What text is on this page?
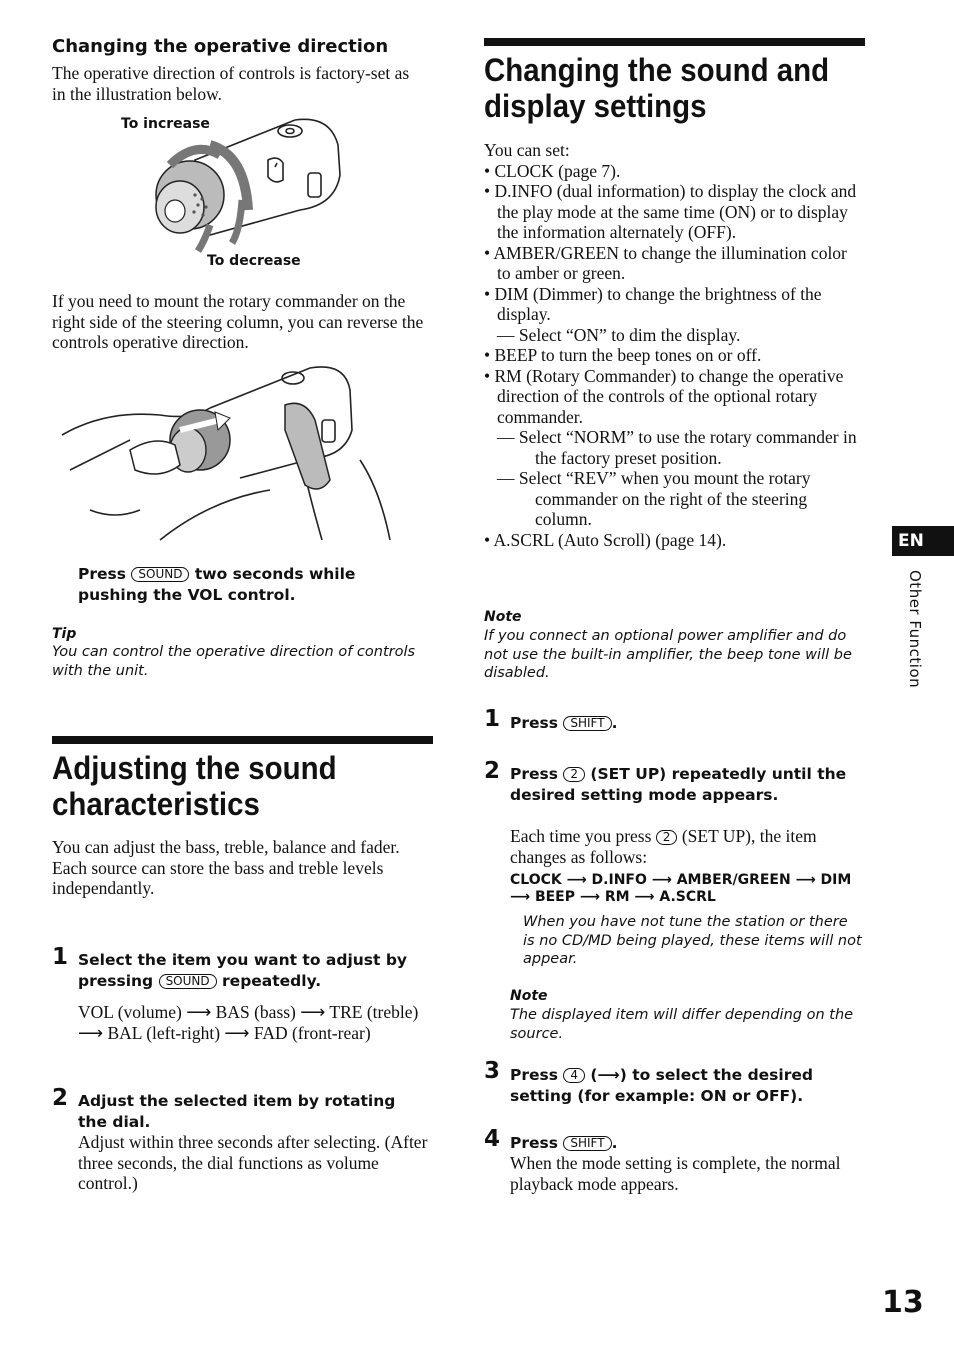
Changing the operative direction
The operative direction of controls is factory-set as in the illustration below.
To increase
To decrease
If you need to mount the rotary commander on the right side of the steering column, you can reverse the controls operative direction.
Press SOUND two seconds while pushing the VOL control.
Tip
You can control the operative direction of controls with the unit.
Adjusting the sound
characteristics
You can adjust the bass, treble, balance and fader.
Each source can store the bass and treble levels independantly.
1 Select the item you want to adjust by pressing SOUND repeatedly.
VOL (volume) ⟶ BAS (bass) ⟶ TRE (treble) ⟶ BAL (left-right) ⟶ FAD (front-rear)
2 Adjust the selected item by rotating the dial.
Adjust within three seconds after selecting. (After three seconds, the dial functions as volume control.)
Changing the sound and
display settings
You can set:
• CLOCK (page 7).
• D.INFO (dual information) to display the clock and the play mode at the same time (ON) or to display the information alternately (OFF).
• AMBER/GREEN to change the illumination color to amber or green.
• DIM (Dimmer) to change the brightness of the display.
— Select “ON” to dim the display.
• BEEP to turn the beep tones on or off.
• RM (Rotary Commander) to change the operative direction of the controls of the optional rotary commander.
— Select “NORM” to use the rotary commander in the factory preset position.
— Select “REV” when you mount the rotary commander on the right of the steering column.
• A.SCRL (Auto Scroll) (page 14).
Note
If you connect an optional power amplifier and do not use the built-in amplifier, the beep tone will be disabled.
1 Press SHIFT .
2 Press 2 (SET UP) repeatedly until the desired setting mode appears.
Each time you press 2 (SET UP), the item changes as follows:
CLOCK ⟶ D.INFO ⟶ AMBER/GREEN ⟶ DIM
⟶ BEEP ⟶ RM ⟶ A.SCRL
When you have not tune the station or there is no CD/MD being played, these items will not appear.
Note
The displayed item will differ depending on the source.
3 Press 4 (⟶) to select the desired setting (for example: ON or OFF).
4 Press SHIFT .
When the mode setting is complete, the normal playback mode appears.
EN
Other Function
13
